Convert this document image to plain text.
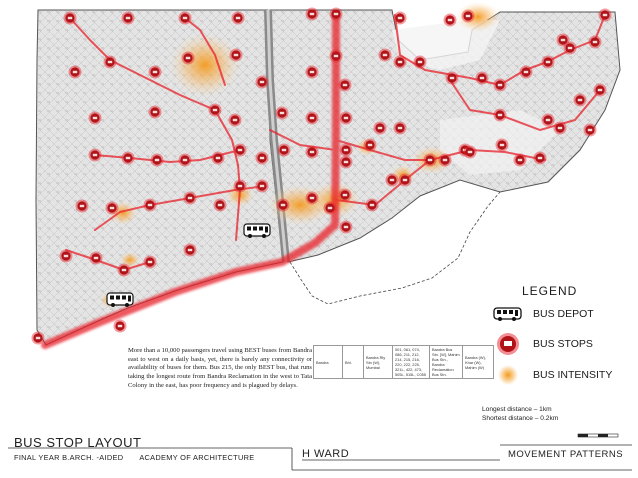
LEGEND
BUS DEPOT
BUS STOPS
BUS INTENSITY
More than a 10,000 passengers travel using BEST buses from Bandra east to west on a daily basis, yet, there is barely any connectivity or availability of buses for them. Bus 215, the only BEST bus, that runs taking the longest route from Bandra Reclamation in the west to Tata Colony in the east, has poor frequency and is plagued by delays.
Bandra	Bhi.	Bandra Rly Stn (W), Mumbai	001, 061, 074, 086, 211, 212, 214, 215, 216, 220, 222, 225, 321L, 422, 473, 505L, 515L, C055	Bandra Bus Stn. [W], Mahim Bus Stn., Bandra Reclamation Bus Stn.	Bandra (W), Khar (W), Mahim (W)
Longest distance – 1km
Shortest distance – 0.2km
BUS STOP LAYOUT
FINAL YEAR B.ARCH. -AIDED ACADEMY OF ARCHITECTURE	H WARD	MOVEMENT PATTERNS
